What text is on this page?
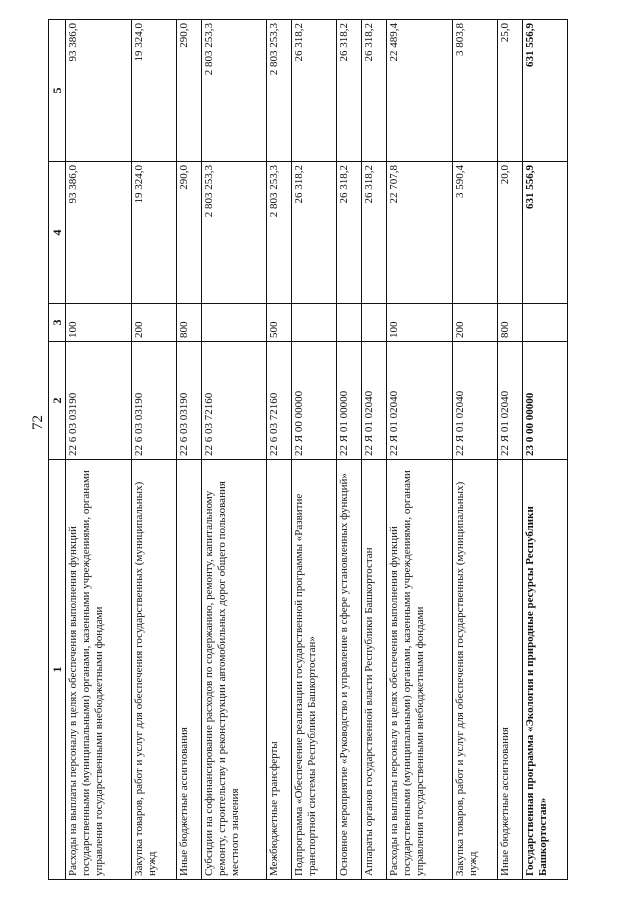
72
1	2	3	4	5
Расходы на выплаты персоналу в целях обеспечения выполнения функций государственными (муниципальными) органами, казенными учреждениями, органами управления государственными внебюджетными фондами	22 6 03 03190	100	93 386,0	93 386,0
Закупка товаров, работ и услуг для обеспечения государственных (муниципальных) нужд	22 6 03 03190	200	19 324,0	19 324,0
Иные бюджетные ассигнования	22 6 03 03190	800	290,0	290,0
Субсидии на софинансирование расходов по содержанию, ремонту, капитальному ремонту, строительству и реконструкции автомобильных дорог общего пользования местного значения	22 6 03 72160		2 803 253,3	2 803 253,3
Межбюджетные трансферты	22 6 03 72160	500	2 803 253,3	2 803 253,3
Подпрограмма «Обеспечение реализации государственной программы «Развитие транспортной системы Республики Башкортостан»	22 Я 00 00000		26 318,2	26 318,2
Основное мероприятие «Руководство и управление в сфере установленных функций»	22 Я 01 00000		26 318,2	26 318,2
Аппараты органов государственной власти Республики Башкортостан	22 Я 01 02040		26 318,2	26 318,2
Расходы на выплаты персоналу в целях обеспечения выполнения функций государственными (муниципальными) органами, казенными учреждениями, органами управления государственными внебюджетными фондами	22 Я 01 02040	100	22 707,8	22 489,4
Закупка товаров, работ и услуг для обеспечения государственных (муниципальных) нужд	22 Я 01 02040	200	3 590,4	3 803,8
Иные бюджетные ассигнования	22 Я 01 02040	800	20,0	25,0
Государственная программа «Экология и природные ресурсы Республики Башкортостан»	23 0 00 00000		631 556,9	631 556,9
